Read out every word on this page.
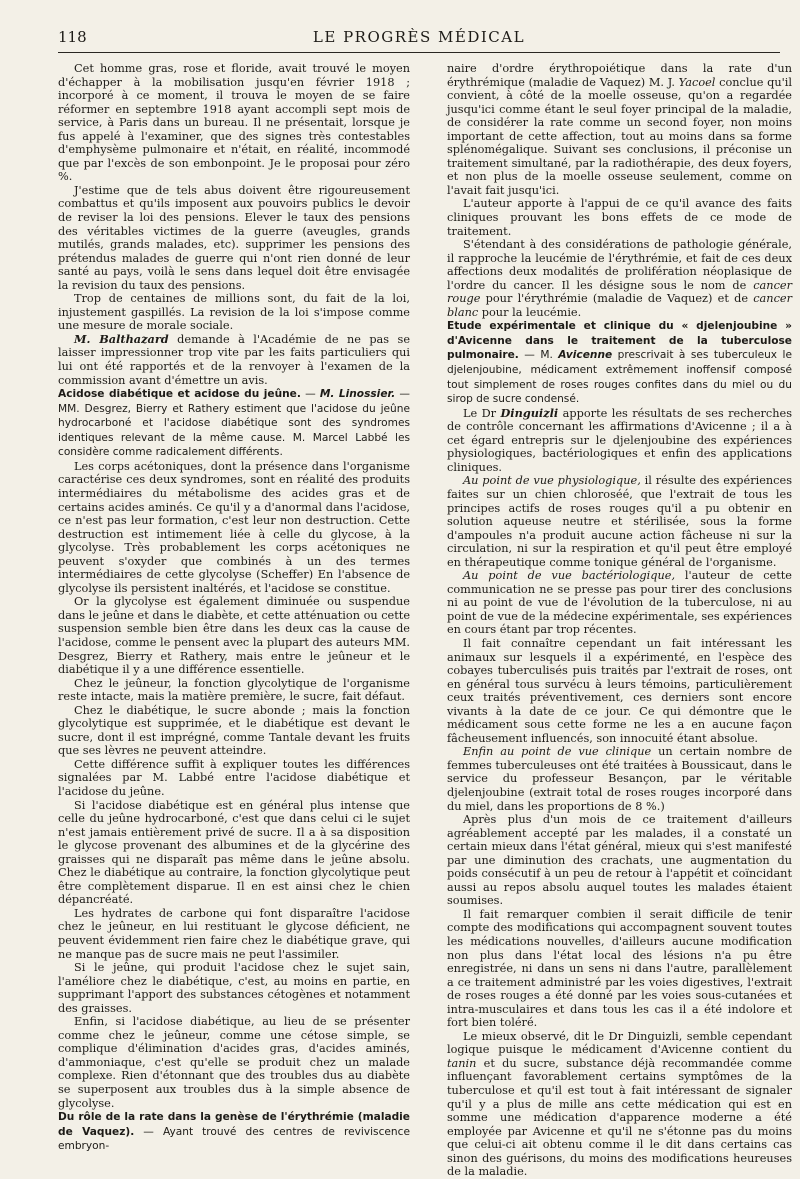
118	LE PROGRÈS MÉDICAL

Cet homme gras, rose et floride, avait trouvé le moyen d'échapper à la mobilisation jusqu'en février 1918 ; incorporé à ce moment, il trouva le moyen de se faire réformer en septembre 1918 ayant accompli sept mois de service, à Paris dans un bureau. Il ne présentait, lorsque je fus appelé à l'examiner, que des signes très contestables d'emphysème pulmonaire et n'était, en réalité, incommodé que par l'excès de son embonpoint. Je le proposai pour zéro %.

J'estime que de tels abus doivent être rigoureusement combattus et qu'ils imposent aux pouvoirs publics le devoir de reviser la loi des pensions. Elever le taux des pensions des véritables victimes de la guerre (aveugles, grands mutilés, grands malades, etc). supprimer les pensions des prétendus malades de guerre qui n'ont rien donné de leur santé au pays, voilà le sens dans lequel doit être envisagée la revision du taux des pensions.

Trop de centaines de millions sont, du fait de la loi, injustement gaspillés. La revision de la loi s'impose comme une mesure de morale sociale.

M. Balthazard demande à l'Académie de ne pas se laisser impressionner trop vite par les faits particuliers qui lui ont été rapportés et de la renvoyer à l'examen de la commission avant d'émettre un avis.

Acidose diabétique et acidose du jeûne. — M. Linossier. — MM. Desgrez, Bierry et Rathery estiment que l'acidose du jeûne hydrocarboné et l'acidose diabétique sont des syndromes identiques relevant de la même cause. M. Marcel Labbé les considère comme radicalement différents.

Les corps acétoniques, dont la présence dans l'organisme caractérise ces deux syndromes, sont en réalité des produits intermédiaires du métabolisme des acides gras et de certains acides aminés. Ce qu'il y a d'anormal dans l'acidose, ce n'est pas leur formation, c'est leur non destruction. Cette destruction est intimement liée à celle du glycose, à la glycolyse. Très probablement les corps acétoniques ne peuvent s'oxyder que combinés à un des termes intermédiaires de cette glycolyse (Scheffer) En l'absence de glycolyse ils persistent inaltérés, et l'acidose se constitue.

Or la glycolyse est également diminuée ou suspendue dans le jeûne et dans le diabète, et cette atténuation ou cette suspension semble bien être dans les deux cas la cause de l'acidose, comme le pensent avec la plupart des auteurs MM. Desgrez, Bierry et Rathery, mais entre le jeûneur et le diabétique il y a une différence essentielle.

Chez le jeûneur, la fonction glycolytique de l'organisme reste intacte, mais la matière première, le sucre, fait défaut.

Chez le diabétique, le sucre abonde ; mais la fonction glycolytique est supprimée, et le diabétique est devant le sucre, dont il est imprégné, comme Tantale devant les fruits que ses lèvres ne peuvent atteindre.

Cette différence suffit à expliquer toutes les différences signalées par M. Labbé entre l'acidose diabétique et l'acidose du jeûne.

Si l'acidose diabétique est en général plus intense que celle du jeûne hydrocarboné, c'est que dans celui ci le sujet n'est jamais entièrement privé de sucre. Il a à sa disposition le glycose provenant des albumines et de la glycérine des graisses qui ne disparaît pas même dans le jeûne absolu. Chez le diabétique au contraire, la fonction glycolytique peut être complètement disparue. Il en est ainsi chez le chien dépancréaté.

Les hydrates de carbone qui font disparaître l'acidose chez le jeûneur, en lui restituant le glycose déficient, ne peuvent évidemment rien faire chez le diabétique grave, qui ne manque pas de sucre mais ne peut l'assimiler.

Si le jeûne, qui produit l'acidose chez le sujet sain, l'améliore chez le diabétique, c'est, au moins en partie, en supprimant l'apport des substances cétogènes et notamment des graisses.

Enfin, si l'acidose diabétique, au lieu de se présenter comme chez le jeûneur, comme une cétose simple, se complique d'élimination d'acides gras, d'acides aminés, d'ammoniaque, c'est qu'elle se produit chez un malade complexe. Rien d'étonnant que des troubles dus au diabète se superposent aux troubles dus à la simple absence de glycolyse.

Du rôle de la rate dans la genèse de l'érythrémie (maladie de Vaquez). — Ayant trouvé des centres de reviviscence embryon-

naire d'ordre érythropoiétique dans la rate d'un érythrémique (maladie de Vaquez) M. J. Yacoel conclue qu'il convient, à côté de la moelle osseuse, qu'on a regardée jusqu'ici comme étant le seul foyer principal de la maladie, de considérer la rate comme un second foyer, non moins important de cette affection, tout au moins dans sa forme splénomégalique. Suivant ses conclusions, il préconise un traitement simultané, par la radiothérapie, des deux foyers, et non plus de la moelle osseuse seulement, comme on l'avait fait jusqu'ici.

L'auteur apporte à l'appui de ce qu'il avance des faits cliniques prouvant les bons effets de ce mode de traitement.

S'étendant à des considérations de pathologie générale, il rapproche la leucémie de l'érythrémie, et fait de ces deux affections deux modalités de prolifération néoplasique de l'ordre du cancer. Il les désigne sous le nom de cancer rouge pour l'érythrémie (maladie de Vaquez) et de cancer blanc pour la leucémie.

Etude expérimentale et clinique du « djelenjoubine » d'Avicenne dans le traitement de la tuberculose pulmonaire. — M. Avicenne prescrivait à ses tuberculeux le djelenjoubine, médicament extrêmement inoffensif composé tout simplement de roses rouges confites dans du miel ou du sirop de sucre condensé.

Le Dr Dinguizli apporte les résultats de ses recherches de contrôle concernant les affirmations d'Avicenne ; il a à cet égard entrepris sur le djelenjoubine des expériences physiologiques, bactériologiques et enfin des applications cliniques.

Au point de vue physiologique, il résulte des expériences faites sur un chien chloroséé, que l'extrait de tous les principes actifs de roses rouges qu'il a pu obtenir en solution aqueuse neutre et stérilisée, sous la forme d'ampoules n'a produit aucune action fâcheuse ni sur la circulation, ni sur la respiration et qu'il peut être employé en thérapeutique comme tonique général de l'organisme.

Au point de vue bactériologique, l'auteur de cette communication ne se presse pas pour tirer des conclusions ni au point de vue de l'évolution de la tuberculose, ni au point de vue de la médecine expérimentale, ses expériences en cours étant par trop récentes.

Il fait connaître cependant un fait intéressant les animaux sur lesquels il a expérimenté, en l'espèce des cobayes tuberculisés puis traités par l'extrait de roses, ont en général tous survécu à leurs témoins, particulièrement ceux traités préventivement, ces derniers sont encore vivants à la date de ce jour. Ce qui démontre que le médicament sous cette forme ne les a en aucune façon fâcheusement influencés, son innocuité étant absolue.

Enfin au point de vue clinique un certain nombre de femmes tuberculeuses ont été traitées à Boussicaut, dans le service du professeur Besançon, par le véritable djelenjoubine (extrait total de roses rouges incorporé dans du miel, dans les proportions de 8 %.)

Après plus d'un mois de ce traitement d'ailleurs agréablement accepté par les malades, il a constaté un certain mieux dans l'état général, mieux qui s'est manifesté par une diminution des crachats, une augmentation du poids consécutif à un peu de retour à l'appétit et coïncidant aussi au repos absolu auquel toutes les malades étaient soumises.

Il fait remarquer combien il serait difficile de tenir compte des modifications qui accompagnent souvent toutes les médications nouvelles, d'ailleurs aucune modification non plus dans l'état local des lésions n'a pu être enregistrée, ni dans un sens ni dans l'autre, parallèlement a ce traitement administré par les voies digestives, l'extrait de roses rouges a été donné par les voies sous-cutanées et intra-musculaires et dans tous les cas il a été indolore et fort bien toléré.

Le mieux observé, dit le Dr Dinguizli, semble cependant logique puisque le médicament d'Avicenne contient du tanin et du sucre, substance déjà recommandée comme influençant favorablement certains symptômes de la tuberculose et qu'il est tout à fait intéressant de signaler qu'il y a plus de mille ans cette médication qui est en somme une médication d'apparence moderne a été employée par Avicenne et qu'il ne s'étonne pas du moins que celui-ci ait obtenu comme il le dit dans certains cas sinon des guérisons, du moins des modifications heureuses de la maladie.
